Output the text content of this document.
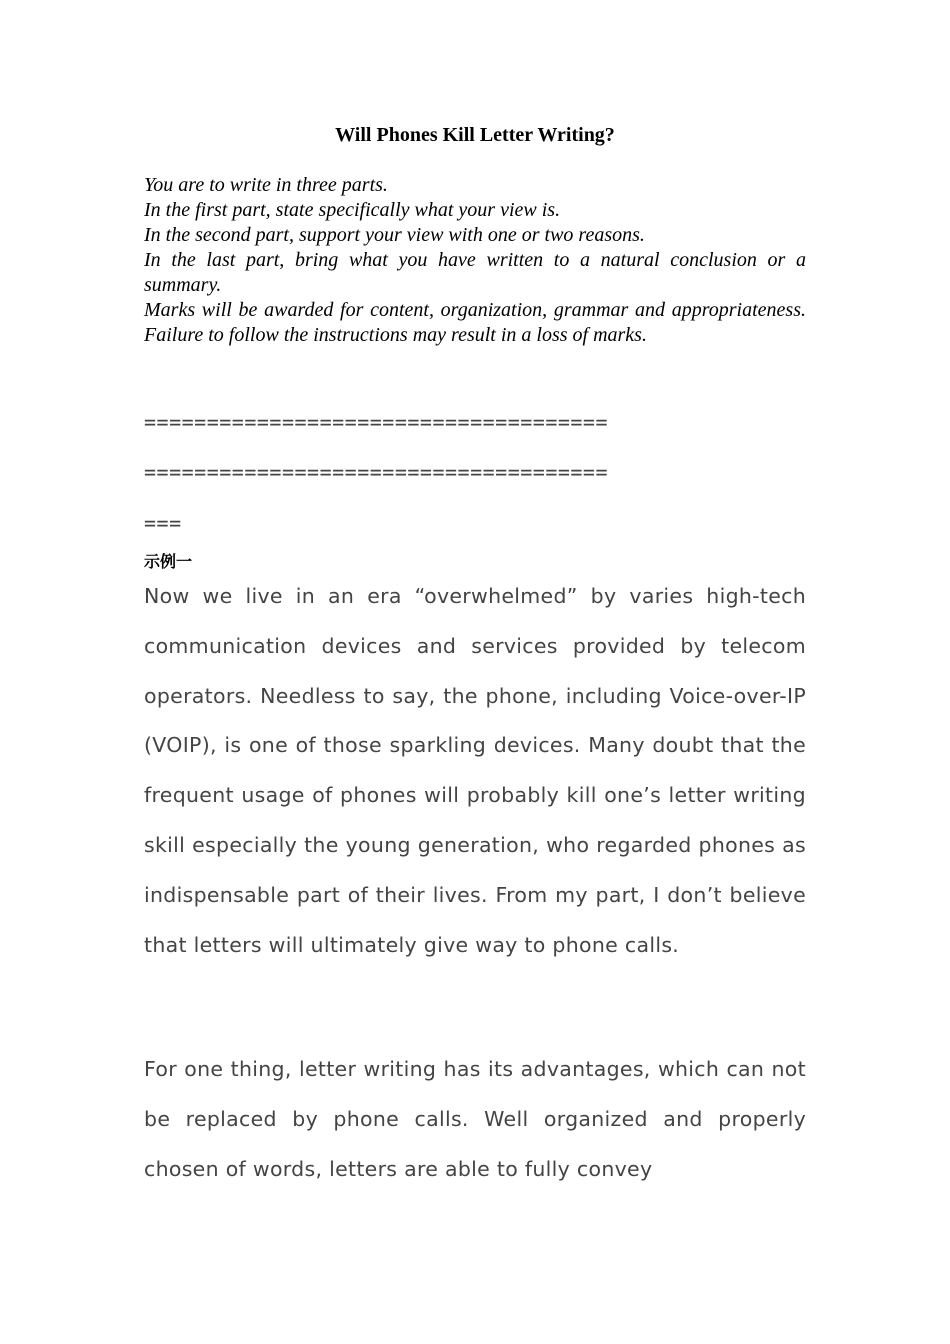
Will Phones Kill Letter Writing?

You are to write in three parts.

In the first part, state specifically what your view is.

In the second part, support your view with one or two reasons.

In the last part, bring what you have written to a natural conclusion or a summary.

Marks will be awarded for content, organization, grammar and appropriateness. Failure to follow the instructions may result in a loss of marks.

=====================================
=====================================
===
示例一

Now we live in an era “overwhelmed” by varies high-tech communication devices and services provided by telecom operators. Needless to say, the phone, including Voice-over-IP (VOIP), is one of those sparkling devices. Many doubt that the frequent usage of phones will probably kill one’s letter writing skill especially the young generation, who regarded phones as indispensable part of their lives. From my part, I don’t believe that letters will ultimately give way to phone calls.

For one thing, letter writing has its advantages, which can not be replaced by phone calls. Well organized and properly chosen of words, letters are able to fully convey
